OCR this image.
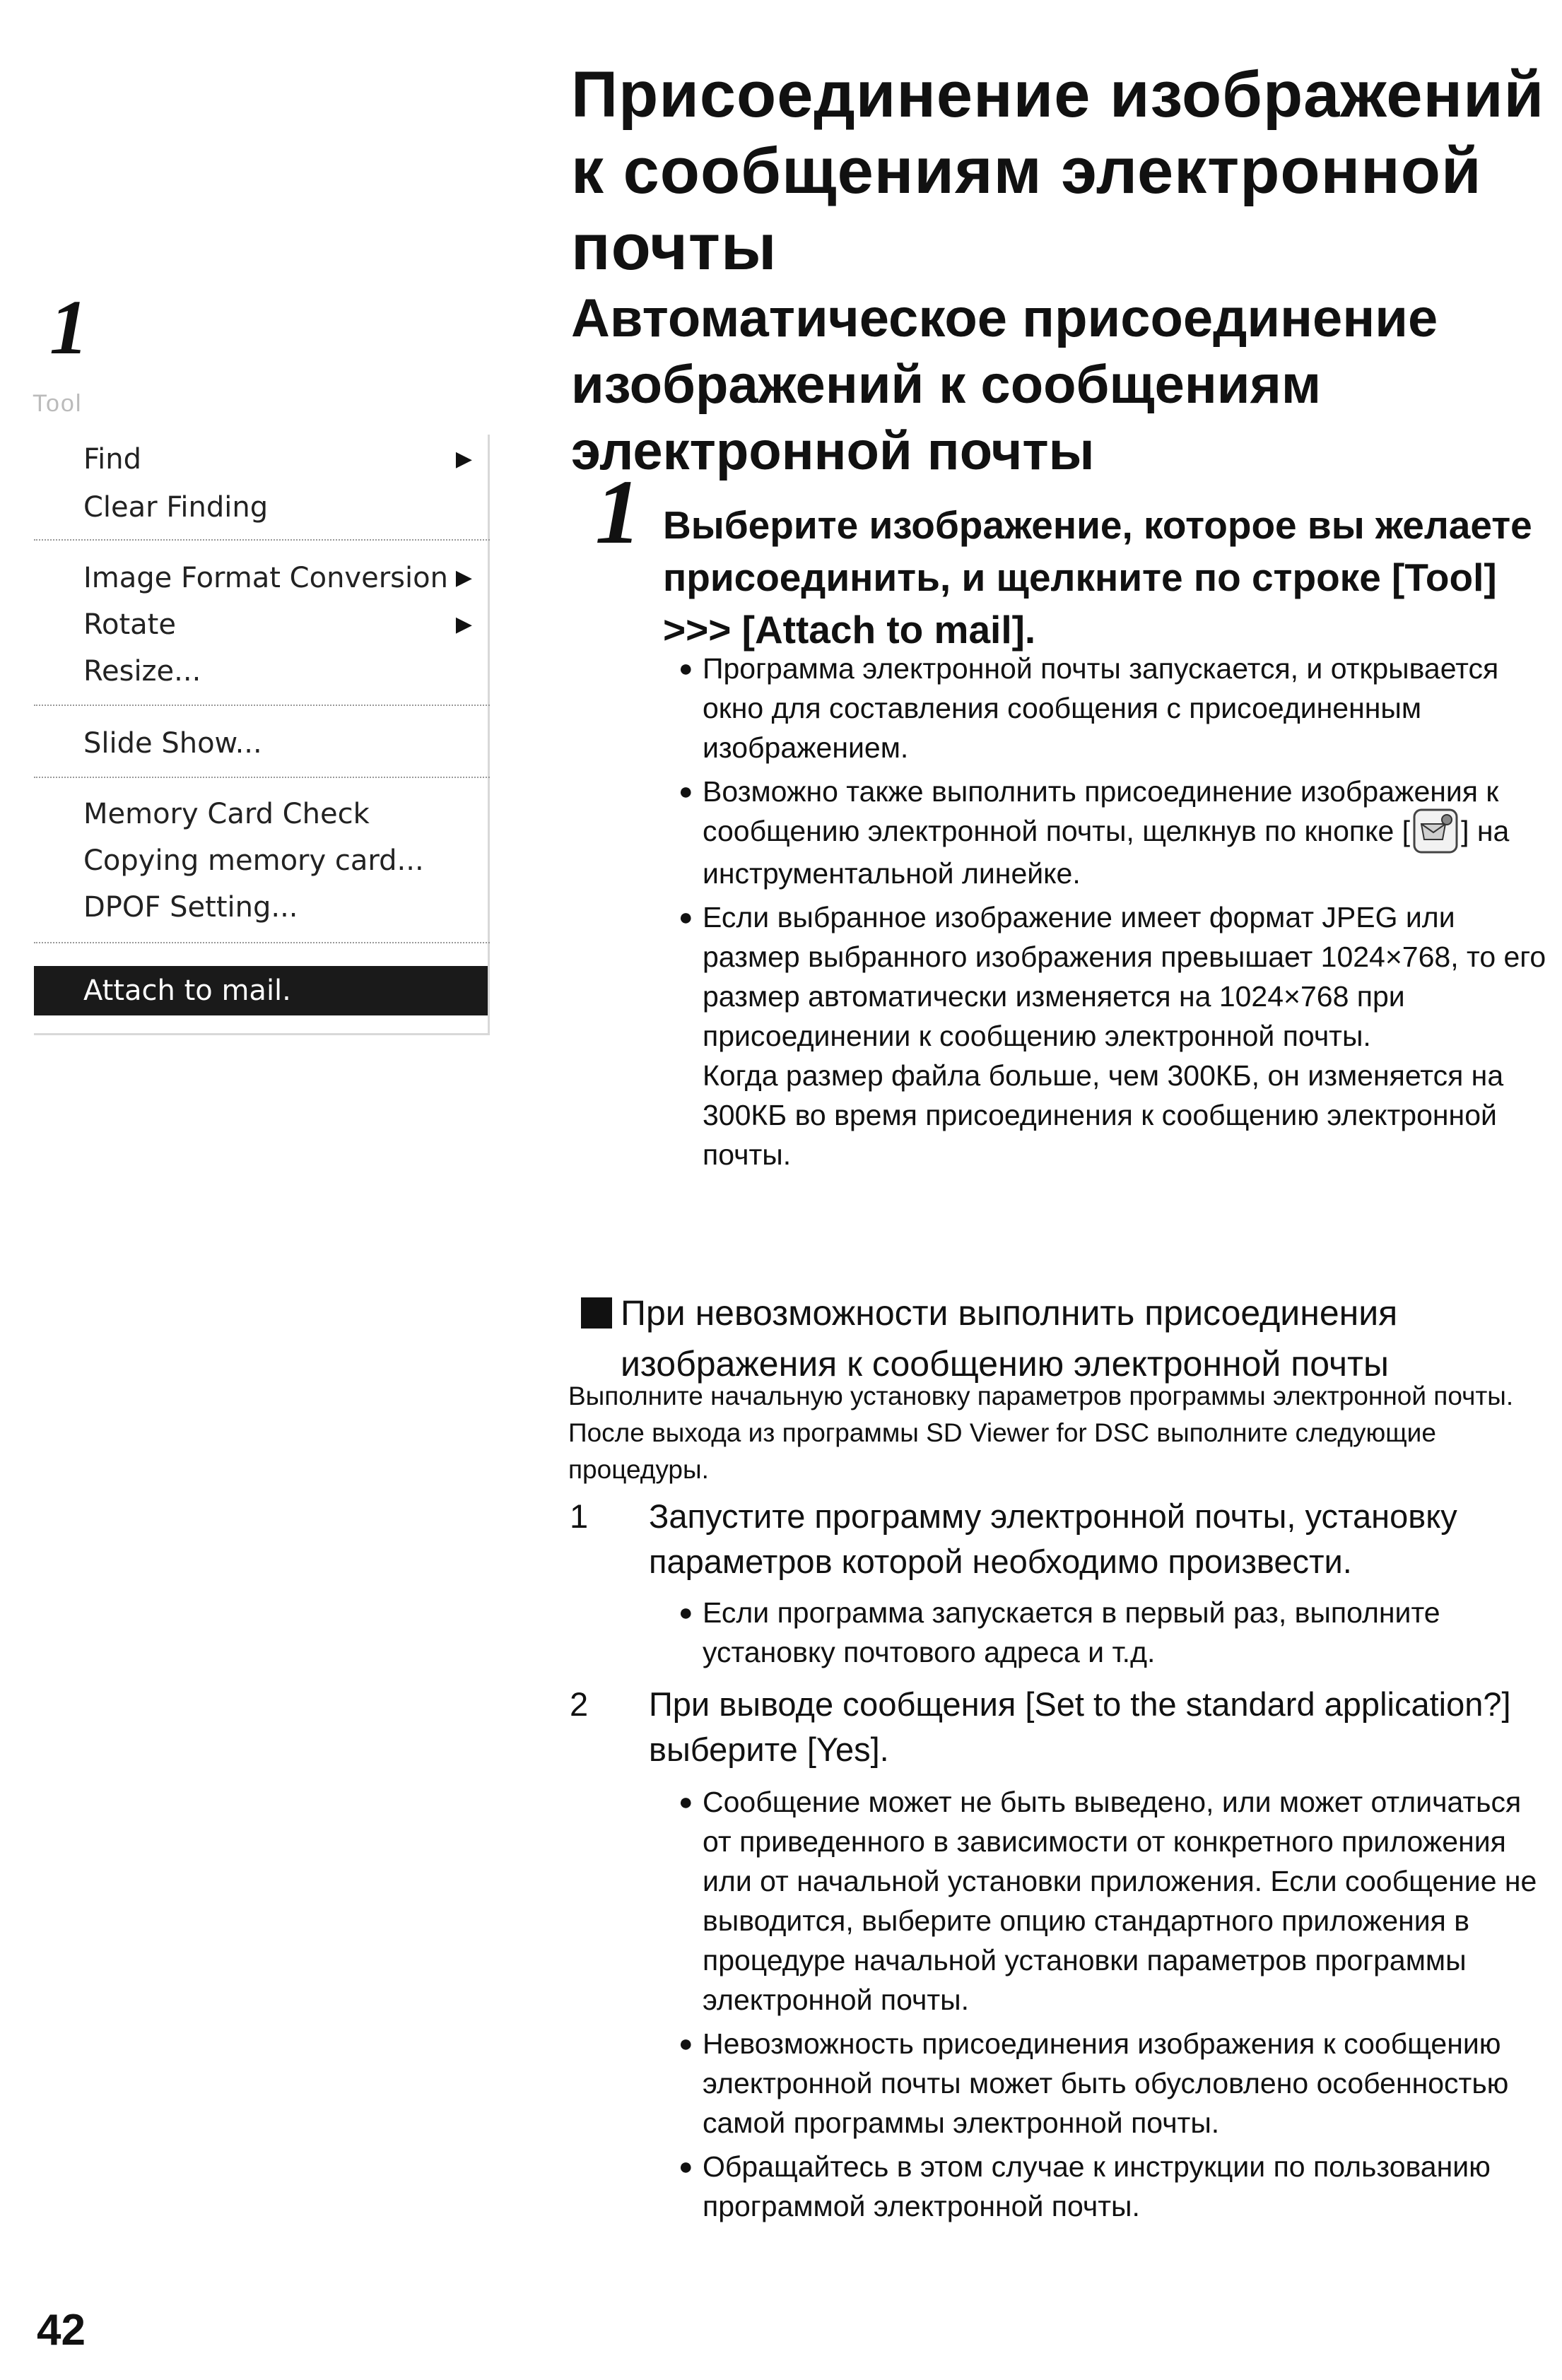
1
Tool
Find	▶
Clear Finding
Image Format Conversion ▶
Rotate	▶
Resize...
Slide Show...
Memory Card Check
Copying memory card...
DPOF Setting...
Attach to mail.
42
Присоединение изображений к сообщениям электронной почты
Автоматическое присоединение изображений к сообщениям электронной почты
1 Выберите изображение, которое вы желаете присоединить, и щелкните по строке [Tool] >>> [Attach to mail].
● Программа электронной почты запускается, и открывается окно для составления сообщения с присоединенным изображением.
● Возможно также выполнить присоединение изображения к сообщению электронной почты, щелкнув по кнопке [ ] на инструментальной линейке.
● Если выбранное изображение имеет формат JPEG или размер выбранного изображения превышает 1024×768, то его размер автоматически изменяется на 1024×768 при присоединении к сообщению электронной почты.
Когда размер файла больше, чем 300КБ, он изменяется на 300КБ во время присоединения к сообщению электронной почты.
При невозможности выполнить присоединения
изображения к сообщению электронной почты
Выполните начальную установку параметров программы электронной почты. После выхода из программы SD Viewer for DSC выполните следующие процедуры.
1	Запустите программу электронной почты, установку параметров которой необходимо произвести.
● Если программа запускается в первый раз, выполните установку почтового адреса и т.д.
2	При выводе сообщения [Set to the standard application?] выберите [Yes].
● Сообщение может не быть выведено, или может отличаться от приведенного в зависимости от конкретного приложения или от начальной установки приложения. Если сообщение не выводится, выберите опцию стандартного приложения в процедуре начальной установки параметров программы электронной почты.
● Невозможность присоединения изображения к сообщению электронной почты может быть обусловлено особенностью самой программы электронной почты.
● Обращайтесь в этом случае к инструкции по пользованию программой электронной почты.
